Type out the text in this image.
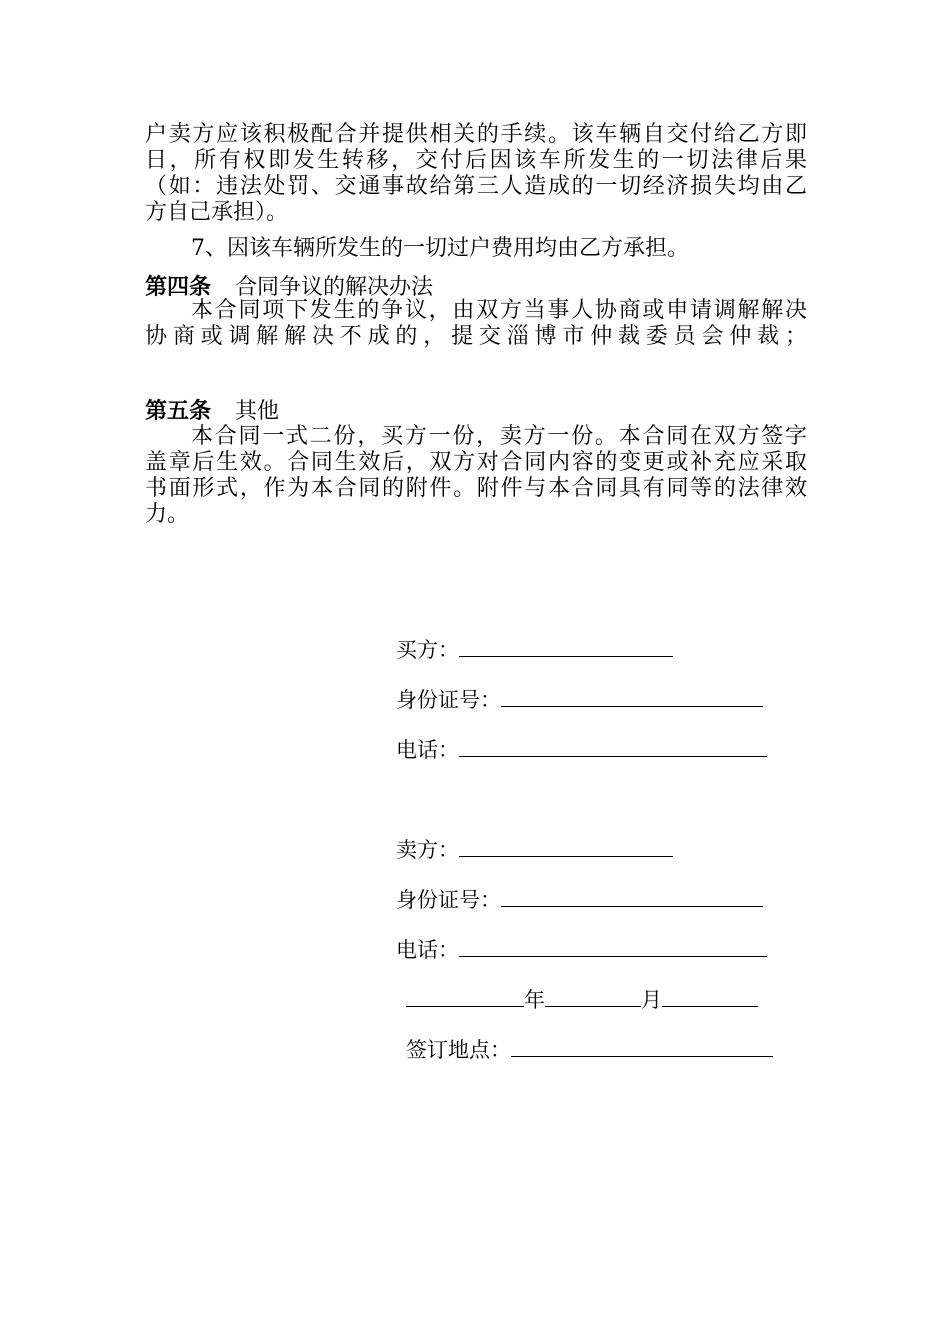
户卖方应该积极配合并提供相关的手续。该车辆自交付给乙方即
日，所有权即发生转移，交付后因该车所发生的一切法律后果
（如：违法处罚、交通事故给第三人造成的一切经济损失均由乙
方自己承担）。
7、因该车辆所发生的一切过户费用均由乙方承担。
第四条 合同争议的解决办法
本合同项下发生的争议，由双方当事人协商或申请调解解决
协商或调解解决不成的，提交淄博市仲裁委员会仲裁；
第五条 其他
本合同一式二份，买方一份，卖方一份。本合同在双方签字
盖章后生效。合同生效后，双方对合同内容的变更或补充应采取
书面形式，作为本合同的附件。附件与本合同具有同等的法律效
力。
买方：
身份证号：
电话：
卖方：
身份证号：
电话：
年	月
签订地点：
